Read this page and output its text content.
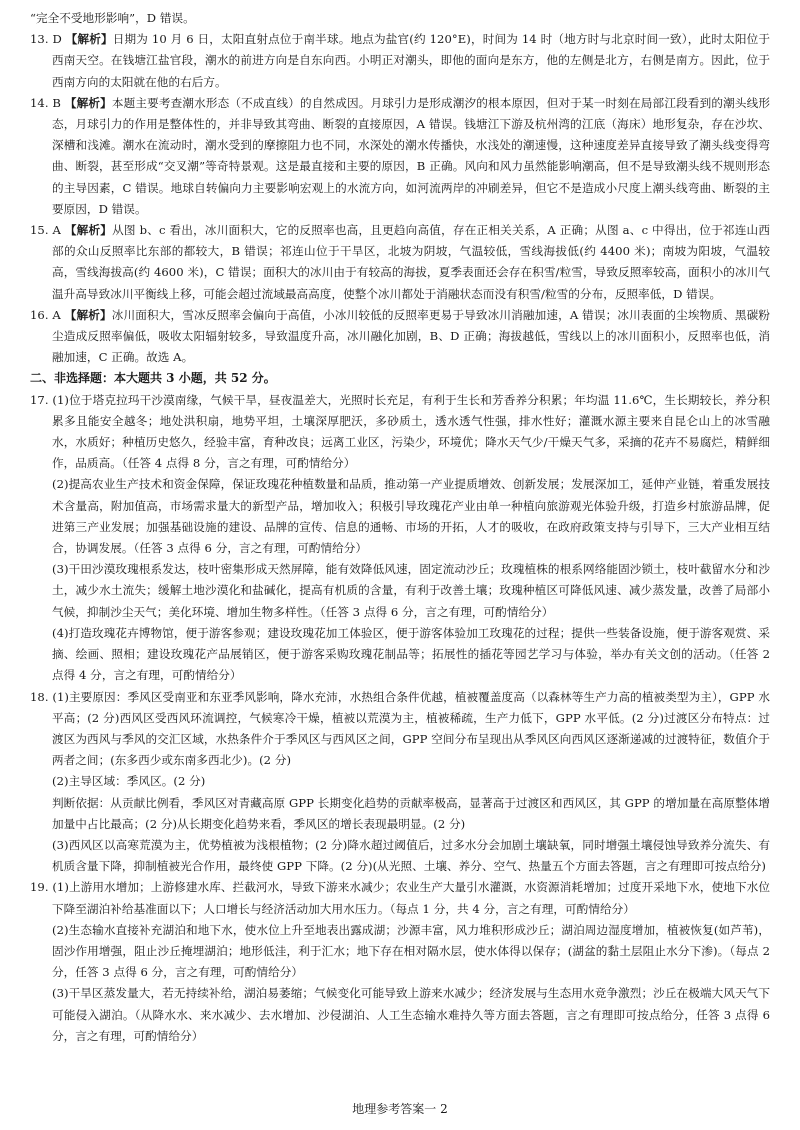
“完全不受地形影响”，D 错误。

13. D 【解析】日期为 10 月 6 日，太阳直射点位于南半球。地点为盐官(约 120°E)，时间为 14 时（地方时与北京时间一致），此时太阳位于西南天空。在钱塘江盐官段，潮水的前进方向是自东向西。小明正对潮头，即他的面向是东方，他的左侧是北方，右侧是南方。因此，位于西南方向的太阳就在他的右后方。

14. B 【解析】本题主要考查潮水形态（不成直线）的自然成因。月球引力是形成潮汐的根本原因，但对于某一时刻在局部江段看到的潮头线形态，月球引力的作用是整体性的，并非导致其弯曲、断裂的直接原因，A 错误。钱塘江下游及杭州湾的江底（海床）地形复杂，存在沙坎、深槽和浅滩。潮水在流动时，潮水受到的摩擦阻力也不同，水深处的潮水传播快，水浅处的潮速慢，这种速度差异直接导致了潮头线变得弯曲、断裂，甚至形成“交叉潮”等奇特景观。这是最直接和主要的原因，B 正确。风向和风力虽然能影响潮高，但不是导致潮头线不规则形态的主导因素，C 错误。地球自转偏向力主要影响宏观上的水流方向，如河流两岸的冲刷差异，但它不是造成小尺度上潮头线弯曲、断裂的主要原因，D 错误。

15. A 【解析】从图 b、c 看出，冰川面积大，它的反照率也高，且更趋向高值，存在正相关关系，A 正确；从图 a、c 中得出，位于祁连山西部的众山反照率比东部的都较大，B 错误；祁连山位于干旱区，北坡为阴坡，气温较低，雪线海拔低(约 4400 米)；南坡为阳坡，气温较高，雪线海拔高(约 4600 米)，C 错误；面积大的冰川由于有较高的海拔，夏季表面还会存在积雪/粒雪，导致反照率较高，面积小的冰川气温升高导致冰川平衡线上移，可能会超过流域最高高度，使整个冰川都处于消融状态而没有积雪/粒雪的分布，反照率低，D 错误。

16. A 【解析】冰川面积大，雪冰反照率会偏向于高值，小冰川较低的反照率更易于导致冰川消融加速，A 错误；冰川表面的尘埃物质、黑碳粉尘造成反照率偏低，吸收太阳辐射较多，导致温度升高，冰川融化加剧，B、D 正确；海拔越低，雪线以上的冰川面积小，反照率也低，消融加速，C 正确。故选 A。

二、非选择题：本大题共 3 小题，共 52 分。

17. (1)位于塔克拉玛干沙漠南缘，气候干旱，昼夜温差大，光照时长充足，有利于生长和芳香养分积累；年均温 11.6℃，生长期较长，养分积累多且能安全越冬；地处洪积扇，地势平坦，土壤深厚肥沃，多砂质土，透水透气性强，排水性好；灌溉水源主要来自昆仑山上的冰雪融水，水质好；种植历史悠久，经验丰富，育种改良；远离工业区，污染少，环境优；降水天气少/干燥天气多，采摘的花卉不易腐烂，精鲜细作，品质高。（任答 4 点得 8 分，言之有理，可酌情给分）

(2)提高农业生产技术和资金保障，保证玫瑰花种植数量和品质，推动第一产业提质增效、创新发展；发展深加工，延伸产业链，着重发展技术含量高，附加值高，市场需求量大的新型产品，增加收入；积极引导玫瑰花产业由单一种植向旅游观光体验升级，打造乡村旅游品牌，促进第三产业发展；加强基础设施的建设、品牌的宣传、信息的通畅、市场的开拓，人才的吸收，在政府政策支持与引导下，三大产业相互结合，协调发展。（任答 3 点得 6 分，言之有理，可酌情给分）

(3)干田沙漠玫瑰根系发达，枝叶密集形成天然屏障，能有效降低风速，固定流动沙丘；玫瑰植株的根系网络能固沙锁土，枝叶截留水分和沙土，减少水土流失；缓解土地沙漠化和盐碱化，提高有机质的含量，有利于改善土壤；玫瑰种植区可降低风速、减少蒸发量，改善了局部小气候，抑制沙尘天气；美化环境、增加生物多样性。（任答 3 点得 6 分，言之有理，可酌情给分）

(4)打造玫瑰花卉博物馆，便于游客参观；建设玫瑰花加工体验区，便于游客体验加工玫瑰花的过程；提供一些装备设施，便于游客观赏、采摘、绘画、照相；建设玫瑰花产品展销区，便于游客采购玫瑰花制品等；拓展性的插花等园艺学习与体验，举办有关文创的活动。（任答 2 点得 4 分，言之有理，可酌情给分）

18. (1)主要原因：季风区受南亚和东亚季风影响，降水充沛，水热组合条件优越，植被覆盖度高（以森林等生产力高的植被类型为主），GPP 水平高；(2 分)西风区受西风环流调控，气候寒冷干燥，植被以荒漠为主，植被稀疏，生产力低下，GPP 水平低。(2 分)过渡区分布特点：过渡区为西风与季风的交汇区域，水热条件介于季风区与西风区之间，GPP 空间分布呈现出从季风区向西风区逐渐递减的过渡特征，数值介于两者之间；(东多西少或东南多西北少)。(2 分)

(2)主导区域：季风区。(2 分)

判断依据：从贡献比例看，季风区对青藏高原 GPP 长期变化趋势的贡献率极高，显著高于过渡区和西风区，其 GPP 的增加量在高原整体增加量中占比最高；(2 分)从长期变化趋势来看，季风区的增长表现最明显。(2 分)

(3)西风区以高寒荒漠为主，优势植被为浅根植物；(2 分)降水超过阈值后，过多水分会加剧土壤缺氧，同时增强土壤侵蚀导致养分流失、有机质含量下降，抑制植被光合作用，最终使 GPP 下降。(2 分)(从光照、土壤、养分、空气、热量五个方面去答题，言之有理即可按点给分)

19. (1)上游用水增加；上游修建水库、拦截河水，导致下游来水减少；农业生产大量引水灌溉，水资源消耗增加；过度开采地下水，使地下水位下降至湖泊补给基准面以下；人口增长与经济活动加大用水压力。（每点 1 分，共 4 分，言之有理，可酌情给分）

(2)生态输水直接补充湖泊和地下水，使水位上升至地表出露成湖；沙源丰富，风力堆积形成沙丘；湖泊周边湿度增加，植被恢复(如芦苇)，固沙作用增强，阻止沙丘掩埋湖泊；地形低洼，利于汇水；地下存在相对隔水层，使水体得以保存；(湖盆的黏土层阻止水分下渗)。（每点 2 分，任答 3 点得 6 分，言之有理，可酌情给分）

(3)干旱区蒸发量大，若无持续补给，湖泊易萎缩；气候变化可能导致上游来水减少；经济发展与生态用水竞争激烈；沙丘在极端大风天气下可能侵入湖泊。（从降水水、来水减少、去水增加、沙侵湖泊、人工生态输水难持久等方面去答题，言之有理即可按点给分，任答 3 点得 6 分，言之有理，可酌情给分）

地理参考答案一 2
